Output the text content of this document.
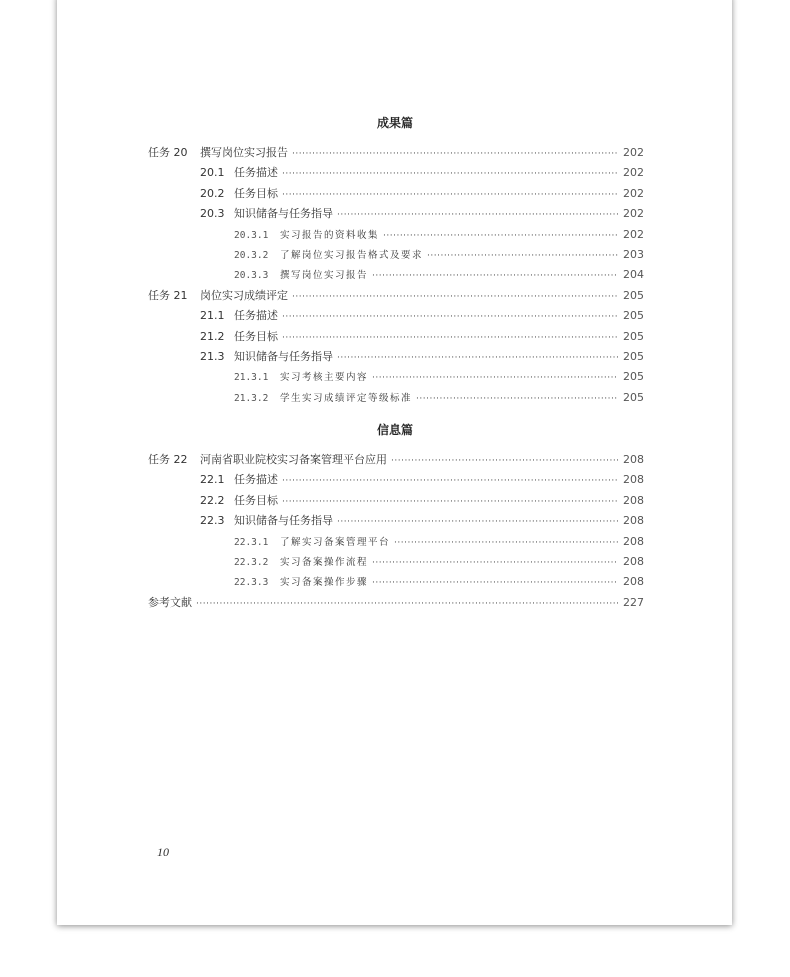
成果篇
任务 20	撰写岗位实习报告 ·····	202
20.1 任务描述 ·····	202
20.2 任务目标 ·····	202
20.3 知识储备与任务指导 ·····	202
20.3.1	实习报告的资料收集 ·····	202
20.3.2	了解岗位实习报告格式及要求 ·····	203
20.3.3	撰写岗位实习报告 ·····	204
任务 21	岗位实习成绩评定 ·····	205
21.1 任务描述 ·····	205
21.2 任务目标 ·····	205
21.3 知识储备与任务指导 ·····	205
21.3.1	实习考核主要内容 ·····	205
21.3.2	学生实习成绩评定等级标准 ·····	205
信息篇
任务 22	河南省职业院校实习备案管理平台应用 ·····	208
22.1 任务描述 ·····	208
22.2 任务目标 ·····	208
22.3 知识储备与任务指导 ·····	208
22.3.1	了解实习备案管理平台 ·····	208
22.3.2	实习备案操作流程 ·····	208
22.3.3	实习备案操作步骤 ·····	208
参考文献 ·····	227
10
